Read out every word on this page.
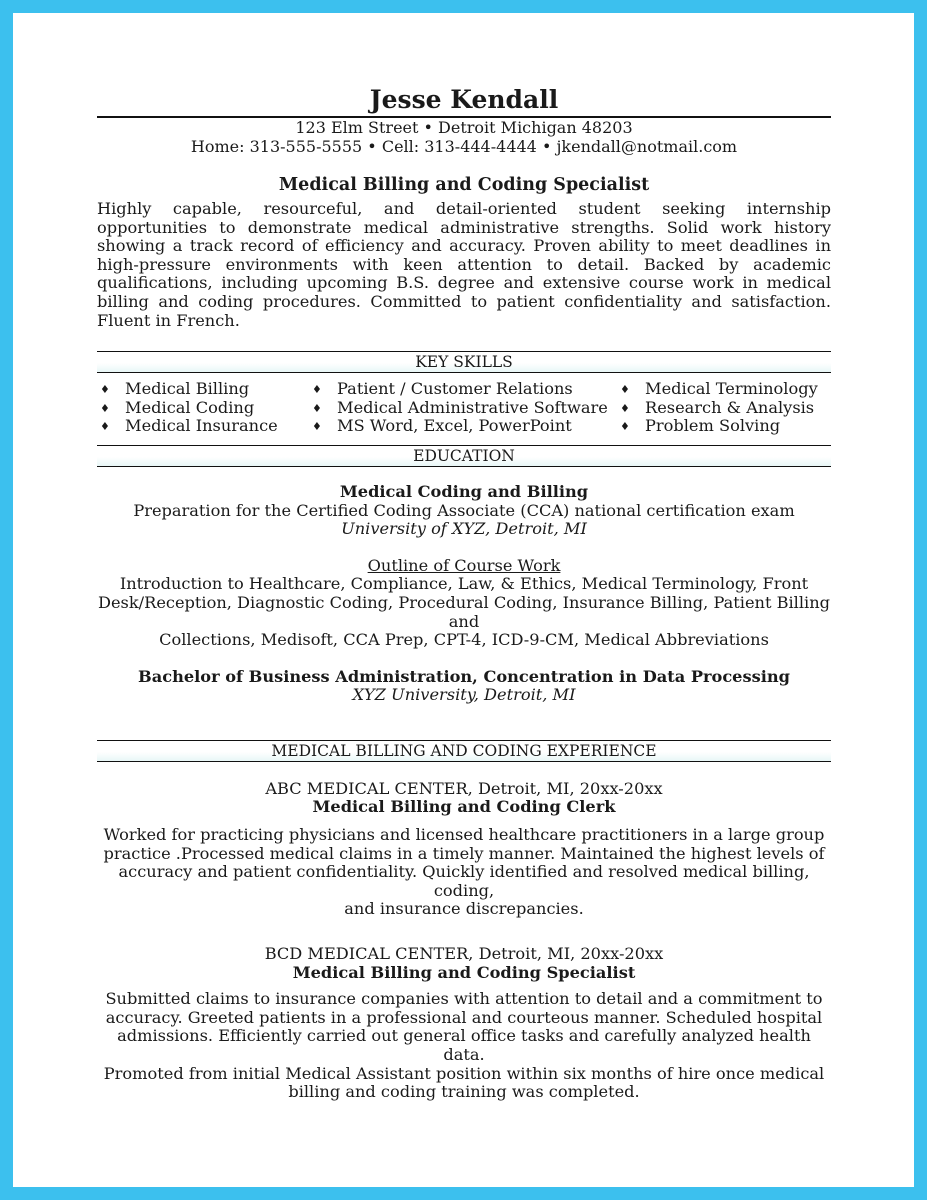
Jesse Kendall
123 Elm Street • Detroit Michigan 48203
Home: 313-555-5555 • Cell: 313-444-4444 • jkendall@notmail.com
Medical Billing and Coding Specialist
Highly capable, resourceful, and detail-oriented student seeking internship opportunities to demonstrate medical administrative strengths. Solid work history showing a track record of efficiency and accuracy. Proven ability to meet deadlines in high-pressure environments with keen attention to detail. Backed by academic qualifications, including upcoming B.S. degree and extensive course work in medical billing and coding procedures. Committed to patient confidentiality and satisfaction. Fluent in French.
KEY SKILLS
♦ Medical Billing
♦ Medical Coding
♦ Medical Insurance
♦ Patient / Customer Relations
♦ Medical Administrative Software
♦ MS Word, Excel, PowerPoint
♦ Medical Terminology
♦ Research & Analysis
♦ Problem Solving
EDUCATION
Medical Coding and Billing
Preparation for the Certified Coding Associate (CCA) national certification exam
University of XYZ, Detroit, MI
Outline of Course Work
Introduction to Healthcare, Compliance, Law, & Ethics, Medical Terminology, Front
Desk/Reception, Diagnostic Coding, Procedural Coding, Insurance Billing, Patient Billing and
Collections, Medisoft, CCA Prep, CPT-4, ICD-9-CM, Medical Abbreviations
Bachelor of Business Administration, Concentration in Data Processing
XYZ University, Detroit, MI
MEDICAL BILLING AND CODING EXPERIENCE
ABC MEDICAL CENTER, Detroit, MI, 20xx-20xx
Medical Billing and Coding Clerk
Worked for practicing physicians and licensed healthcare practitioners in a large group
practice .Processed medical claims in a timely manner. Maintained the highest levels of
accuracy and patient confidentiality. Quickly identified and resolved medical billing, coding,
and insurance discrepancies.
BCD MEDICAL CENTER, Detroit, MI, 20xx-20xx
Medical Billing and Coding Specialist
Submitted claims to insurance companies with attention to detail and a commitment to
accuracy. Greeted patients in a professional and courteous manner. Scheduled hospital
admissions. Efficiently carried out general office tasks and carefully analyzed health data.
Promoted from initial Medical Assistant position within six months of hire once medical
billing and coding training was completed.
